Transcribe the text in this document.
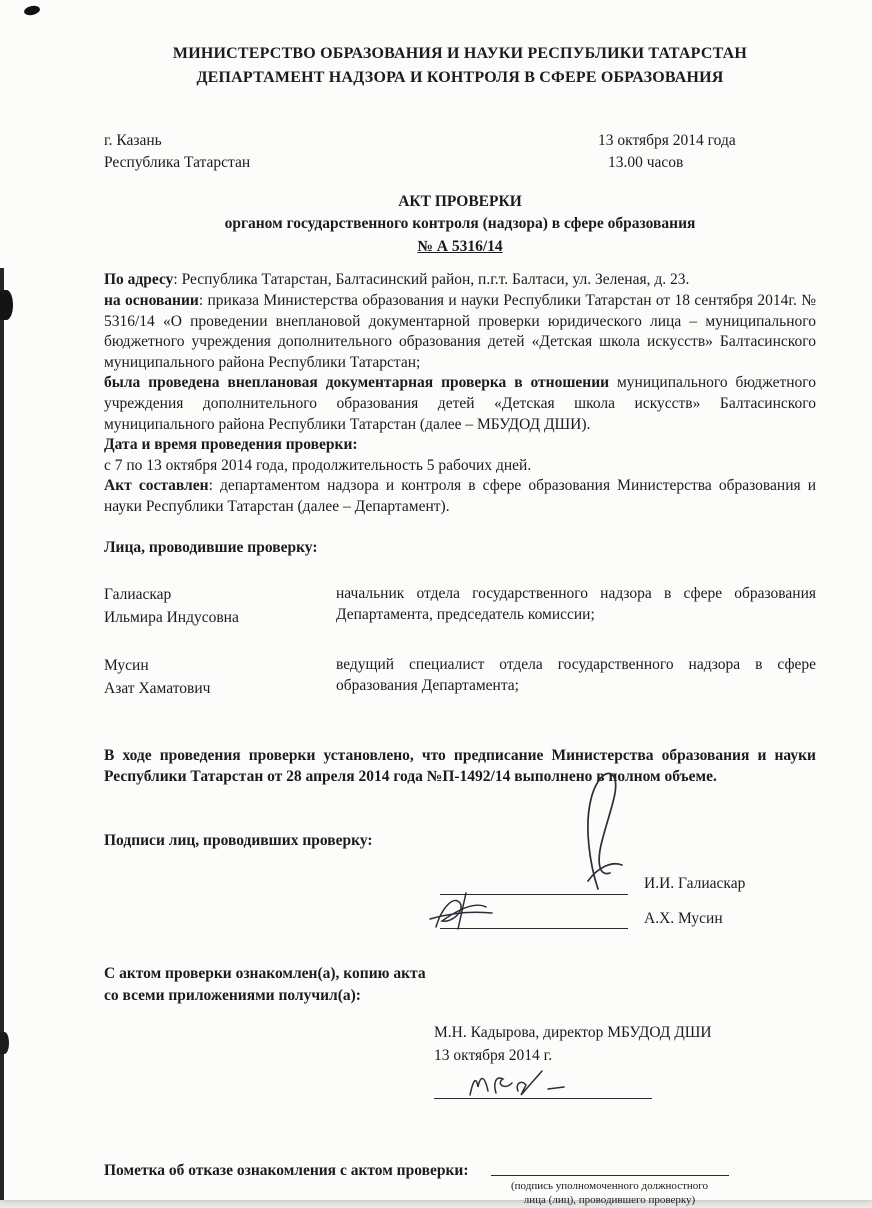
МИНИСТЕРСТВО ОБРАЗОВАНИЯ И НАУКИ РЕСПУБЛИКИ ТАТАРСТАН
ДЕПАРТАМЕНТ НАДЗОРА И КОНТРОЛЯ В СФЕРЕ ОБРАЗОВАНИЯ
г. Казань
Республика Татарстан
13 октября 2014 года
13.00 часов
АКТ ПРОВЕРКИ
органом государственного контроля (надзора) в сфере образования
№ А 5316/14

По адресу: Республика Татарстан, Балтасинский район, п.г.т. Балтаси, ул. Зеленая, д. 23.

на основании: приказа Министерства образования и науки Республики Татарстан от 18 сентября 2014г. № 5316/14 «О проведении внеплановой документарной проверки юридического лица – муниципального бюджетного учреждения дополнительного образования детей «Детская школа искусств» Балтасинского муниципального района Республики Татарстан;

была проведена внеплановая документарная проверка в отношении муниципального бюджетного учреждения дополнительного образования детей «Детская школа искусств» Балтасинского муниципального района Республики Татарстан (далее – МБУДОД ДШИ).

Дата и время проведения проверки:

с 7 по 13 октября 2014 года, продолжительность 5 рабочих дней.

Акт составлен: департаментом надзора и контроля в сфере образования Министерства образования и науки Республики Татарстан (далее – Департамент).

Лица, проводившие проверку:
Галиаскар
Ильмира Индусовна
начальник отдела государственного надзора в сфере образования Департамента, председатель комиссии;
Мусин
Азат Хаматович
ведущий специалист отдела государственного надзора в сфере образования Департамента;

В ходе проведения проверки установлено, что предписание Министерства образования и науки Республики Татарстан от 28 апреля 2014 года №П-1492/14 выполнено в полном объеме.

Подписи лиц, проводивших проверку:
И.И. Галиаскар
А.Х. Мусин
С актом проверки ознакомлен(а), копию акта
со всеми приложениями получил(а):
М.Н. Кадырова, директор МБУДОД ДШИ
13 октября 2014 г.
Пометка об отказе ознакомления с актом проверки:
(подпись уполномоченного должностного
лица (лиц), проводившего проверку)
